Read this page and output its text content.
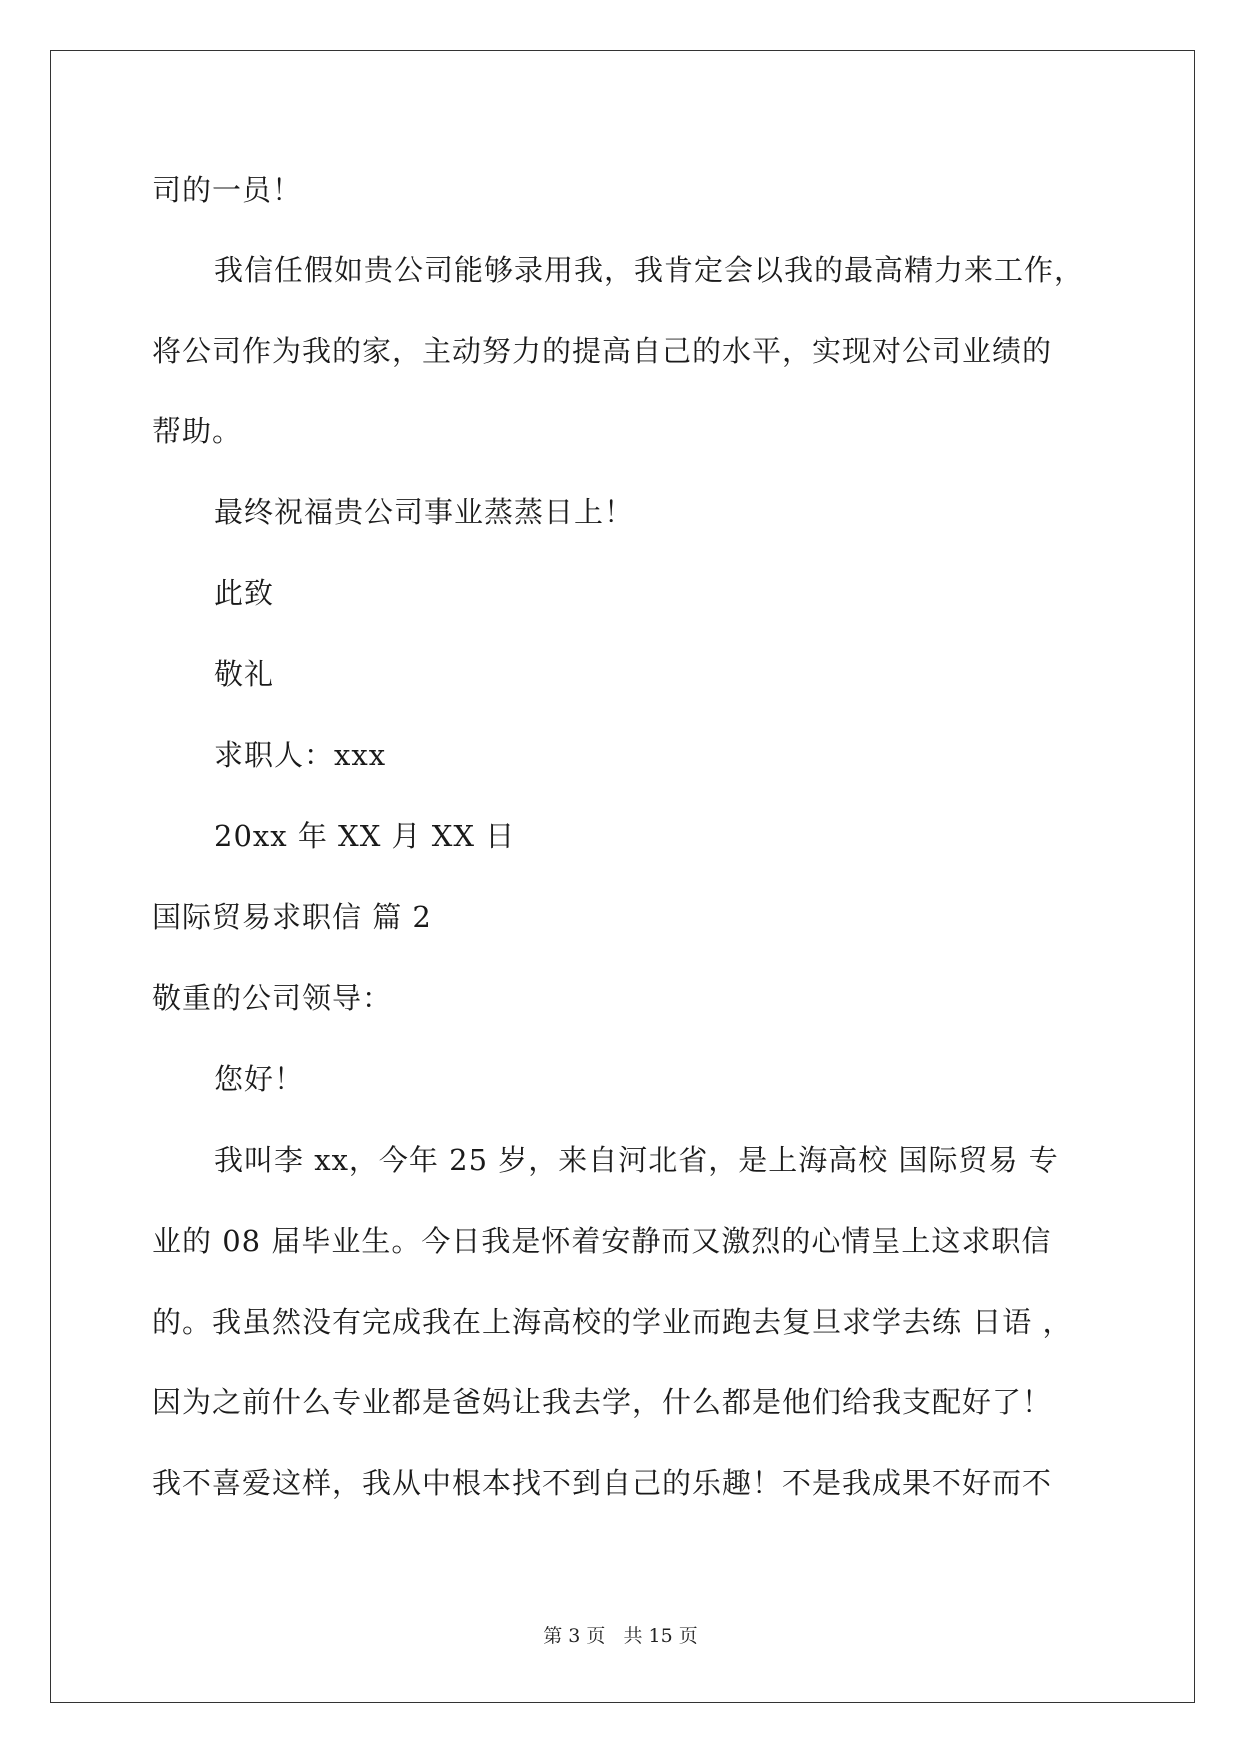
司的一员！
我信任假如贵公司能够录用我，我肯定会以我的最高精力来工作，
将公司作为我的家，主动努力的提高自己的水平，实现对公司业绩的
帮助。
最终祝福贵公司事业蒸蒸日上！
此致
敬礼
求职人：xxx
20xx 年 XX 月 XX 日
国际贸易求职信 篇 2
敬重的公司领导：
您好！
我叫李 xx，今年 25 岁，来自河北省，是上海高校 国际贸易 专
业的 08 届毕业生。今日我是怀着安静而又激烈的心情呈上这求职信
的。我虽然没有完成我在上海高校的学业而跑去复旦求学去练 日语 ，
因为之前什么专业都是爸妈让我去学，什么都是他们给我支配好了！
我不喜爱这样，我从中根本找不到自己的乐趣！不是我成果不好而不
第 3 页 共 15 页
